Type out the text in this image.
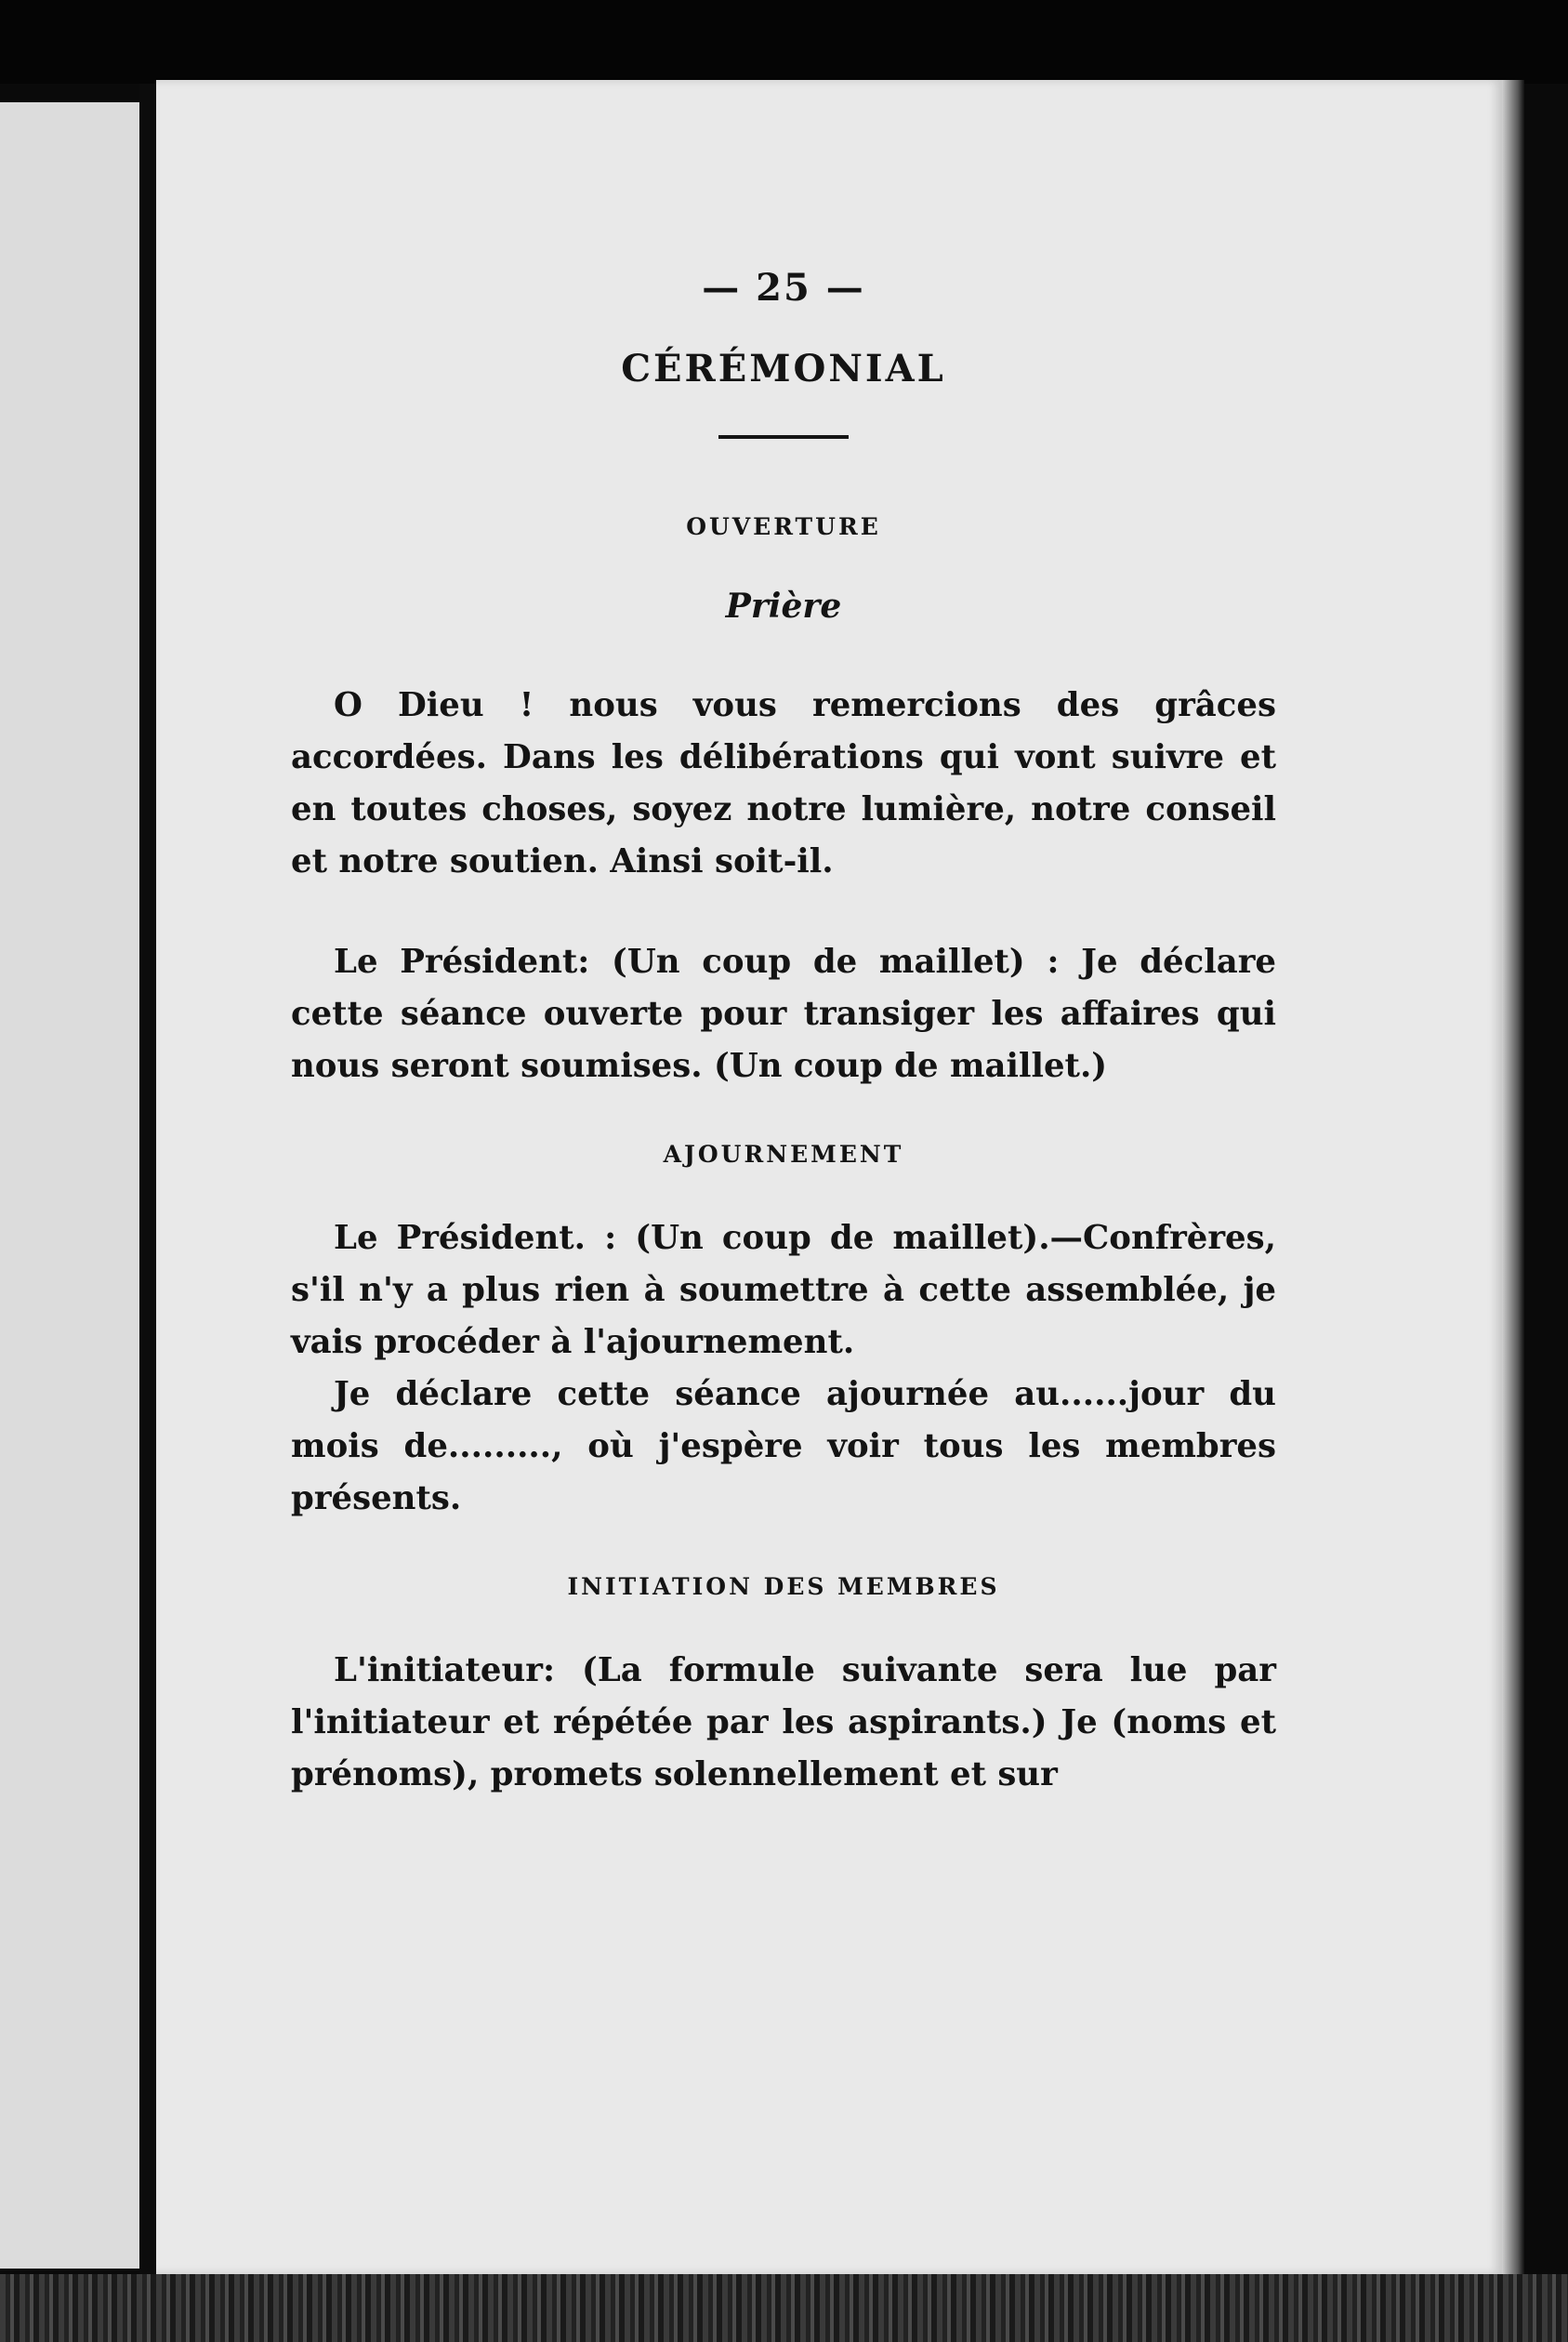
— 25 —

CÉRÉMONIAL
OUVERTURE
Prière

O Dieu ! nous vous remercions des grâces accordées. Dans les délibérations qui vont suivre et en toutes choses, soyez notre lumière, notre conseil et notre soutien. Ainsi soit-il.

Le Président: (Un coup de maillet) : Je déclare cette séance ouverte pour transiger les affaires qui nous seront soumises. (Un coup de maillet.)

AJOURNEMENT

Le Président. : (Un coup de maillet).—Confrères, s'il n'y a plus rien à soumettre à cette assemblée, je vais procéder à l'ajournement.

Je déclare cette séance ajournée au......jour du mois de........., où j'espère voir tous les membres présents.

INITIATION DES MEMBRES

L'initiateur: (La formule suivante sera lue par l'initiateur et répétée par les aspirants.) Je (noms et prénoms), promets solennellement et sur
